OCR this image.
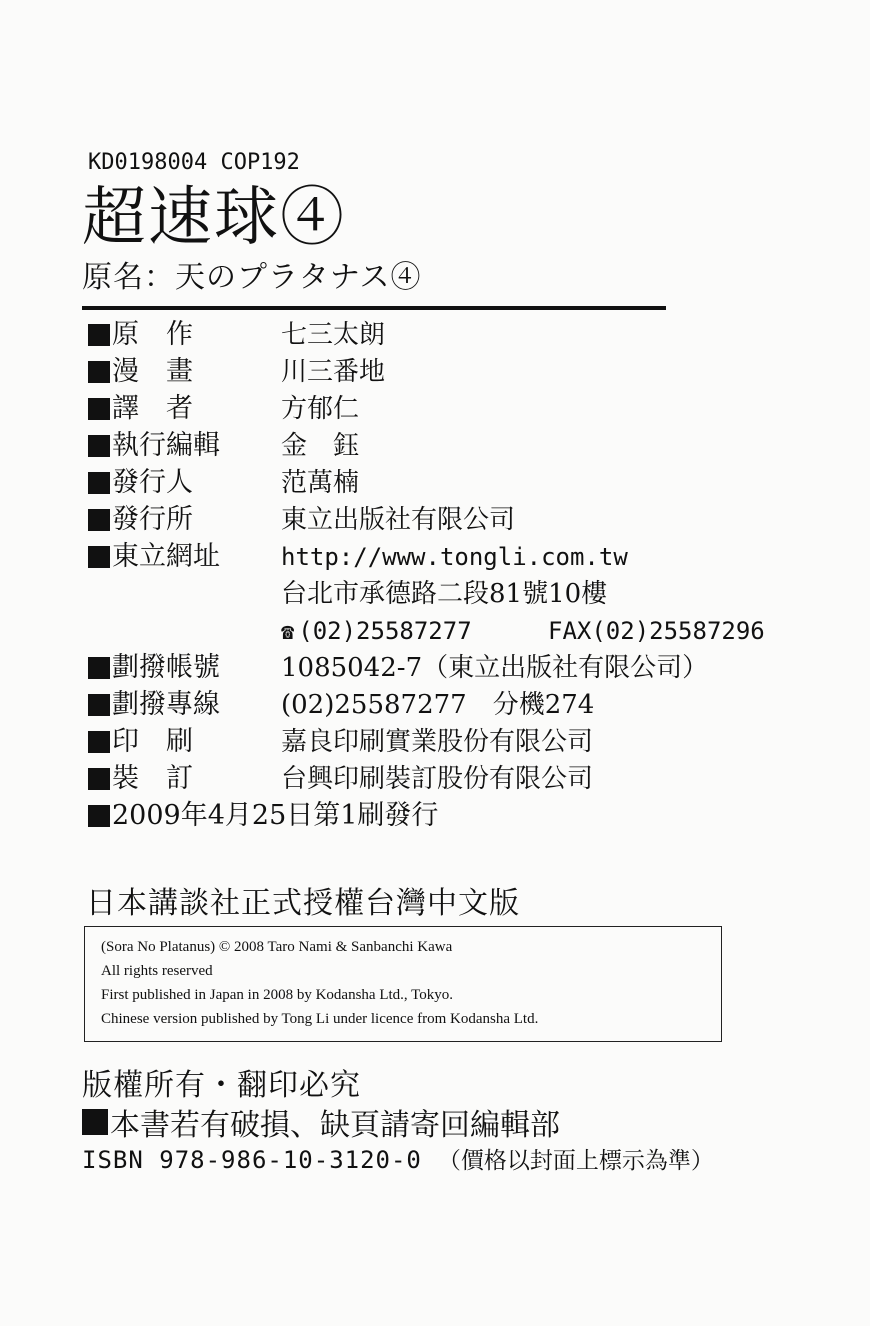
KD0198004 COP192
超速球④
原名：天のプラタナス④
原　作	七三太朗
漫　畫	川三番地
譯　者	方郁仁
執行編輯 金　鈺
發行人	范萬楠
發行所	東立出版社有限公司
東立網址	http://www.tongli.com.tw
台北市承德路二段81號10樓
☎ (02)25587277	FAX(02)25587296
劃撥帳號 1085042-7（東立出版社有限公司）
劃撥專線 (02)25587277　分機274
印　刷	嘉良印刷實業股份有限公司
裝　訂	台興印刷裝訂股份有限公司
2009年4月25日第1刷發行
日本講談社正式授權台灣中文版
(Sora No Platanus) © 2008 Taro Nami & Sanbanchi Kawa
All rights reserved
First published in Japan in 2008 by Kodansha Ltd., Tokyo.
Chinese version published by Tong Li under licence from Kodansha Ltd.
版權所有・翻印必究
本書若有破損、缺頁請寄回編輯部
ISBN 978-986-10-3120-0 （價格以封面上標示為準）
